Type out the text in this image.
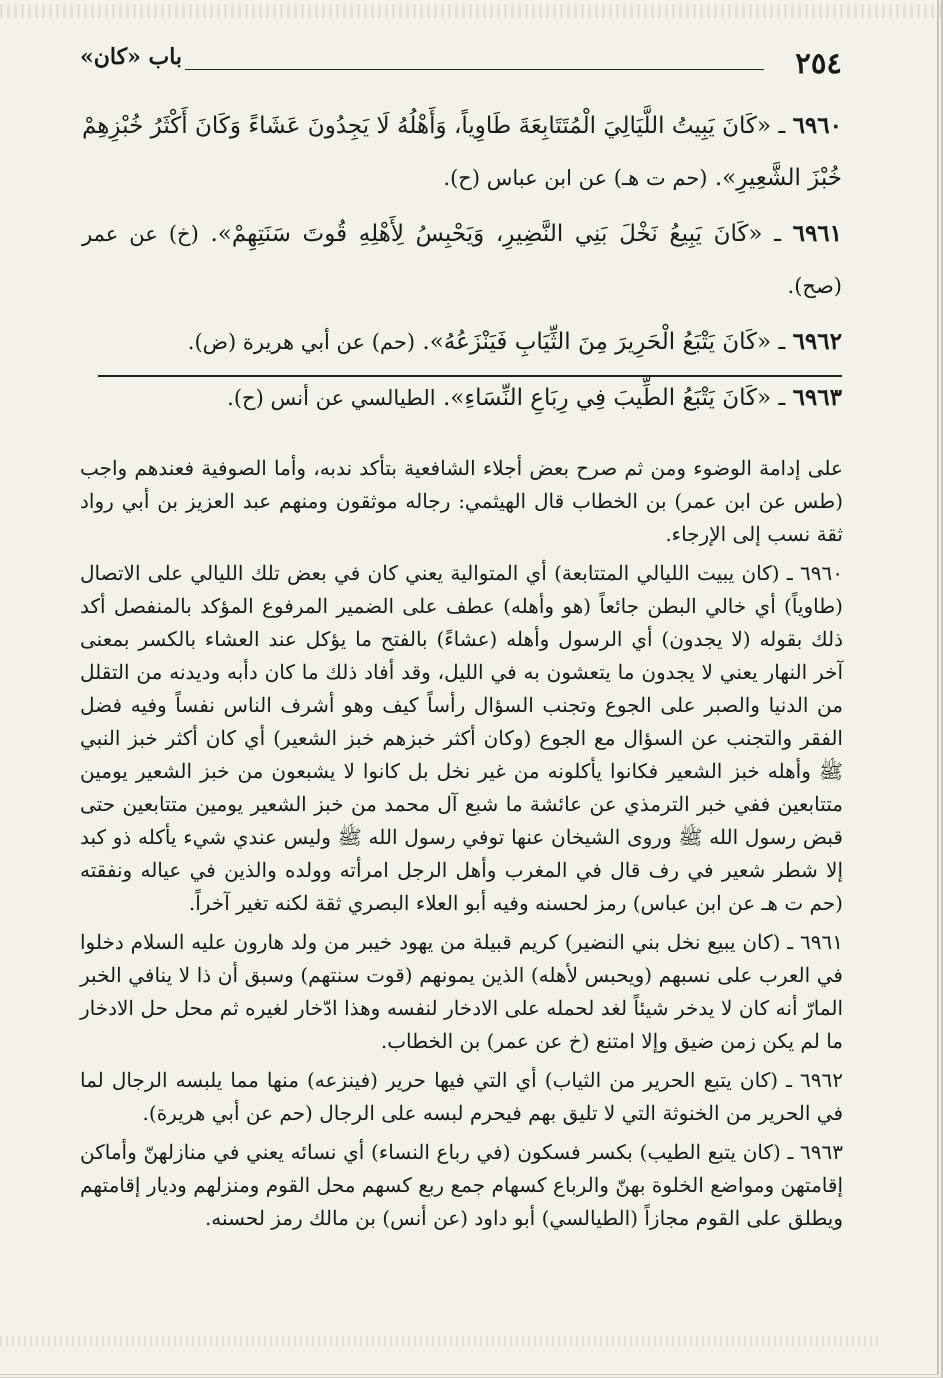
٢٥٤
باب «كان»

٦٩٦٠ ـ «كَانَ يَبِيتُ اللَّيَالِيَ الْمُتَتَابِعَةَ طَاوِياً، وَأَهْلُهُ لَا يَجِدُونَ عَشَاءً وَكَانَ أَكْثَرُ خُبْزِهِمْ خُبْزَ الشَّعِيرِ». (حم ت هـ) عن ابن عباس (ح).

٦٩٦١ ـ «كَانَ يَبِيعُ نَخْلَ بَنِي النَّضِيرِ، وَيَحْبِسُ لِأَهْلِهِ قُوتَ سَنَتِهِمْ». (خ) عن عمر (صح).

٦٩٦٢ ـ «كَانَ يَتْبَعُ الْحَرِيرَ مِنَ الثِّيَابِ فَيَنْزَعُهُ». (حم) عن أبي هريرة (ض).

٦٩٦٣ ـ «كَانَ يَتْبَعُ الطِّيبَ فِي رِبَاعِ النِّسَاءِ». الطيالسي عن أنس (ح).

على إدامة الوضوء ومن ثم صرح بعض أجلاء الشافعية بتأكد ندبه، وأما الصوفية فعندهم واجب (طس عن ابن عمر) بن الخطاب قال الهيثمي: رجاله موثقون ومنهم عبد العزيز بن أبي رواد ثقة نسب إلى الإرجاء.

٦٩٦٠ ـ (كان يبيت الليالي المتتابعة) أي المتوالية يعني كان في بعض تلك الليالي على الاتصال (طاوياً) أي خالي البطن جائعاً (هو وأهله) عطف على الضمير المرفوع المؤكد بالمنفصل أكد ذلك بقوله (لا يجدون) أي الرسول وأهله (عشاءً) بالفتح ما يؤكل عند العشاء بالكسر بمعنى آخر النهار يعني لا يجدون ما يتعشون به في الليل، وقد أفاد ذلك ما كان دأبه وديدنه من التقلل من الدنيا والصبر على الجوع وتجنب السؤال رأساً كيف وهو أشرف الناس نفساً وفيه فضل الفقر والتجنب عن السؤال مع الجوع (وكان أكثر خبزهم خبز الشعير) أي كان أكثر خبز النبي ﷺ وأهله خبز الشعير فكانوا يأكلونه من غير نخل بل كانوا لا يشبعون من خبز الشعير يومين متتابعين ففي خبر الترمذي عن عائشة ما شبع آل محمد من خبز الشعير يومين متتابعين حتى قبض رسول الله ﷺ وروى الشيخان عنها توفي رسول الله ﷺ وليس عندي شيء يأكله ذو كبد إلا شطر شعير في رف قال في المغرب وأهل الرجل امرأته وولده والذين في عياله ونفقته (حم ت هـ عن ابن عباس) رمز لحسنه وفيه أبو العلاء البصري ثقة لكنه تغير آخراً.

٦٩٦١ ـ (كان يبيع نخل بني النضير) كريم قبيلة من يهود خيبر من ولد هارون عليه السلام دخلوا في العرب على نسبهم (ويحبس لأهله) الذين يمونهم (قوت سنتهم) وسبق أن ذا لا ينافي الخبر المارّ أنه كان لا يدخر شيئاً لغد لحمله على الادخار لنفسه وهذا ادّخار لغيره ثم محل حل الادخار ما لم يكن زمن ضيق وإلا امتنع (خ عن عمر) بن الخطاب.

٦٩٦٢ ـ (كان يتبع الحرير من الثياب) أي التي فيها حرير (فينزعه) منها مما يلبسه الرجال لما في الحرير من الخنوثة التي لا تليق بهم فيحرم لبسه على الرجال (حم عن أبي هريرة).

٦٩٦٣ ـ (كان يتبع الطيب) بكسر فسكون (في رباع النساء) أي نسائه يعني في منازلهنّ وأماكن إقامتهن ومواضع الخلوة بهنّ والرباع كسهام جمع ربع كسهم محل القوم ومنزلهم وديار إقامتهم ويطلق على القوم مجازاً (الطيالسي) أبو داود (عن أنس) بن مالك رمز لحسنه.
